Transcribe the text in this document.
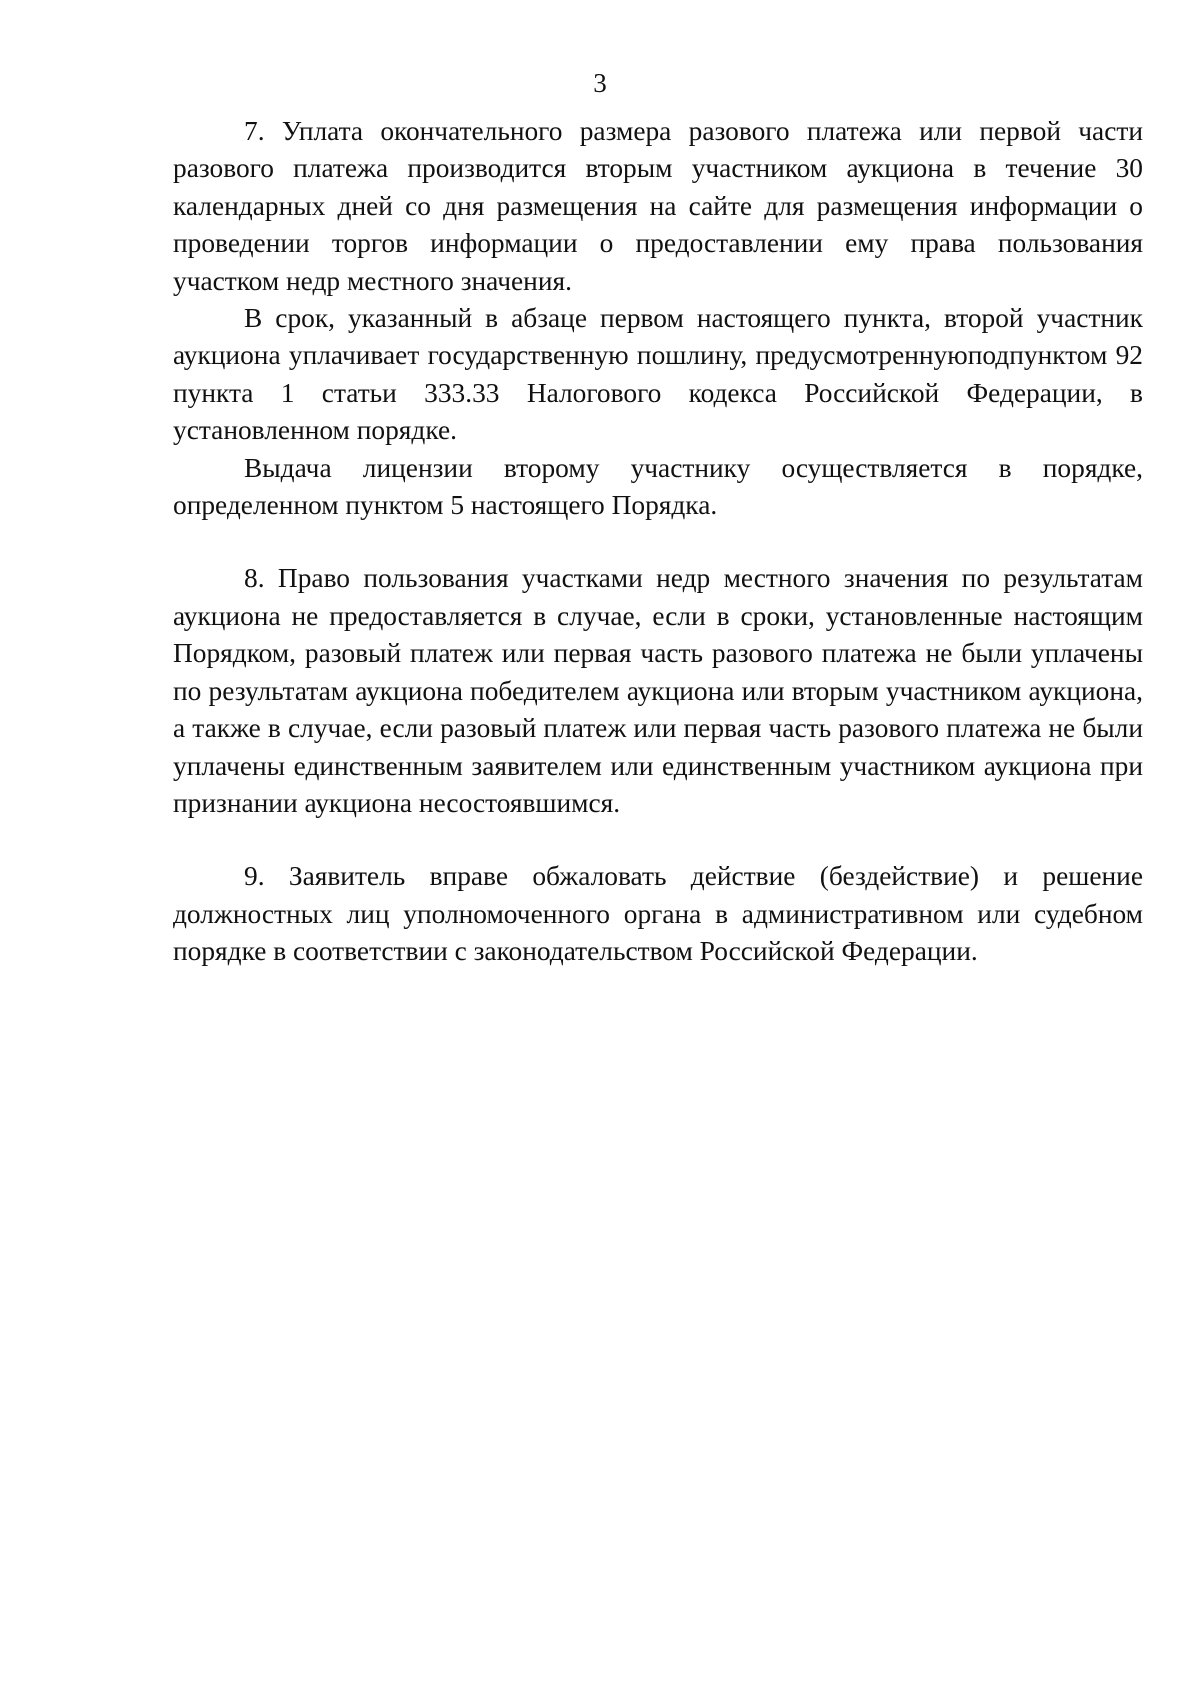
3

7. Уплата окончательного размера разового платежа или первой части разового платежа производится вторым участником аукциона в течение 30 календарных дней со дня размещения на сайте для размещения информации о проведении торгов информации о предоставлении ему права пользования участком недр местного значения.

В срок, указанный в абзаце первом настоящего пункта, второй участник аукциона уплачивает государственную пошлину, предусмотреннуюподпунктом 92 пункта 1 статьи 333.33 Налогового кодекса Российской Федерации, в установленном порядке.

Выдача лицензии второму участнику осуществляется в порядке, определенном пунктом 5 настоящего Порядка.

8. Право пользования участками недр местного значения по результатам аукциона не предоставляется в случае, если в сроки, установленные настоящим Порядком, разовый платеж или первая часть разового платежа не были уплачены по результатам аукциона победителем аукциона или вторым участником аукциона, а также в случае, если разовый платеж или первая часть разового платежа не были уплачены единственным заявителем или единственным участником аукциона при признании аукциона несостоявшимся.

9. Заявитель вправе обжаловать действие (бездействие) и решение должностных лиц уполномоченного органа в административном или судебном порядке в соответствии с законодательством Российской Федерации.
